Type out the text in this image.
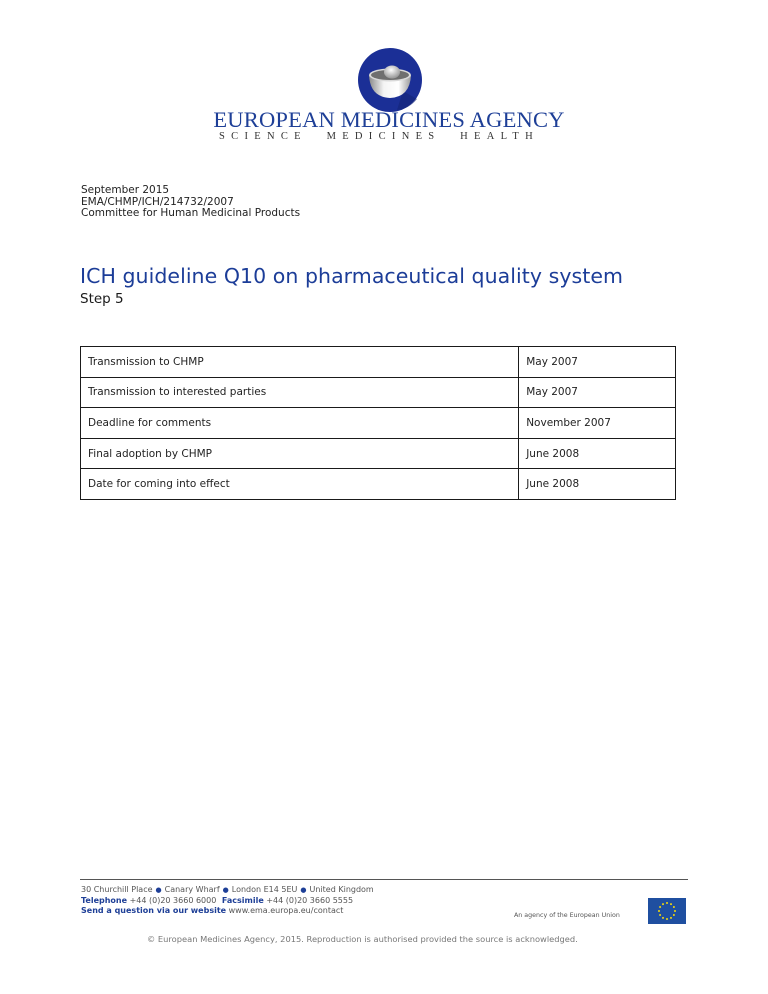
EUROPEAN MEDICINES AGENCY
SCIENCE MEDICINES HEALTH
September 2015
EMA/CHMP/ICH/214732/2007
Committee for Human Medicinal Products
ICH guideline Q10 on pharmaceutical quality system
Step 5
Transmission to CHMP	May 2007
Transmission to interested parties	May 2007
Deadline for comments	November 2007
Final adoption by CHMP	June 2008
Date for coming into effect	June 2008
30 Churchill Place ● Canary Wharf ● London E14 5EU ● United Kingdom
Telephone +44 (0)20 3660 6000 Facsimile +44 (0)20 3660 5555
Send a question via our website www.ema.europa.eu/contact
An agency of the European Union
© European Medicines Agency, 2015. Reproduction is authorised provided the source is acknowledged.
